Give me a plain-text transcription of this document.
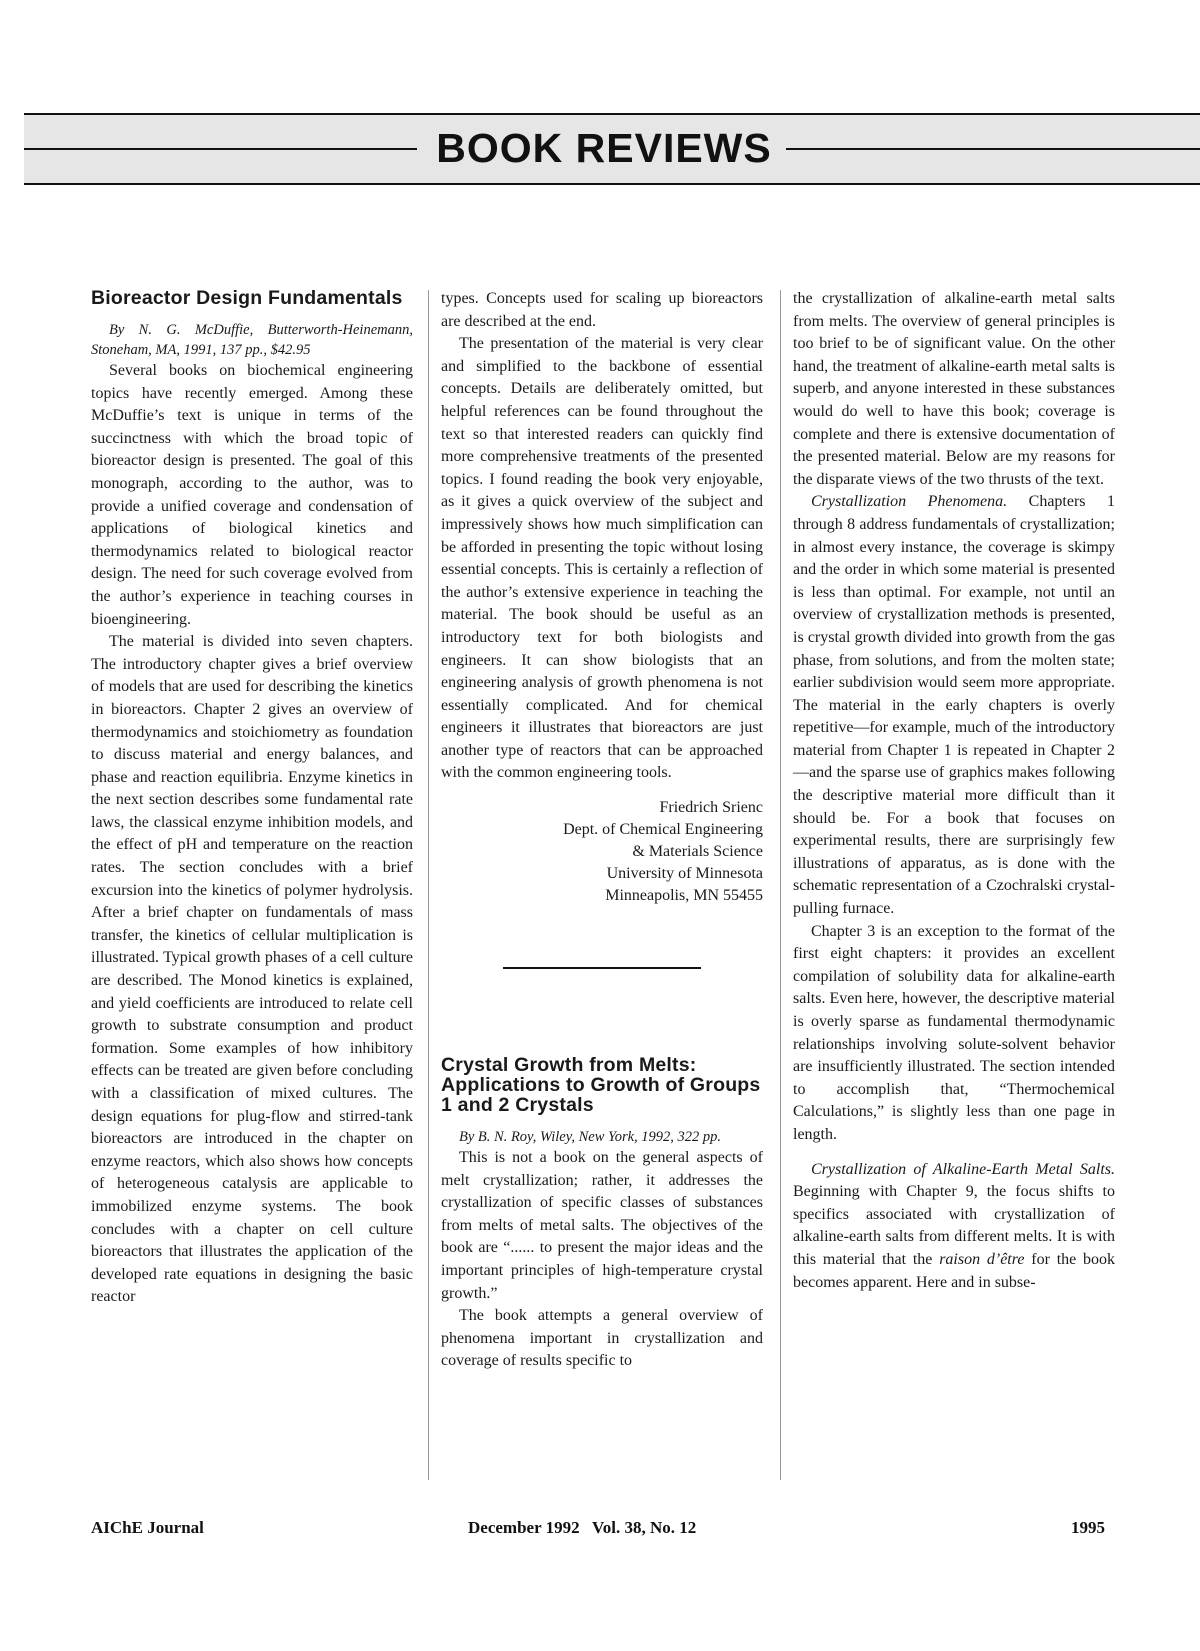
BOOK REVIEWS
Bioreactor Design Fundamentals

By N. G. McDuffie, Butterworth-Heinemann, Stoneham, MA, 1991, 137 pp., $42.95

Several books on biochemical engineering topics have recently emerged. Among these McDuffie’s text is unique in terms of the succinctness with which the broad topic of bioreactor design is presented. The goal of this monograph, according to the author, was to provide a unified coverage and condensation of applications of biological kinetics and thermodynamics related to biological reactor design. The need for such coverage evolved from the author’s experience in teaching courses in bioengineering.

The material is divided into seven chapters. The introductory chapter gives a brief overview of models that are used for describing the kinetics in bioreactors. Chapter 2 gives an overview of thermodynamics and stoichiometry as foundation to discuss material and energy balances, and phase and reaction equilibria. Enzyme kinetics in the next section describes some fundamental rate laws, the classical enzyme inhibition models, and the effect of pH and temperature on the reaction rates. The section concludes with a brief excursion into the kinetics of polymer hydrolysis. After a brief chapter on fundamentals of mass transfer, the kinetics of cellular multiplication is illustrated. Typical growth phases of a cell culture are described. The Monod kinetics is explained, and yield coefficients are introduced to relate cell growth to substrate consumption and product formation. Some examples of how inhibitory effects can be treated are given before concluding with a classification of mixed cultures. The design equations for plug-flow and stirred-tank bioreactors are introduced in the chapter on enzyme reactors, which also shows how concepts of heterogeneous catalysis are applicable to immobilized enzyme systems. The book concludes with a chapter on cell culture bioreactors that illustrates the application of the developed rate equations in designing the basic reactor

types. Concepts used for scaling up bioreactors are described at the end.

The presentation of the material is very clear and simplified to the backbone of essential concepts. Details are deliberately omitted, but helpful references can be found throughout the text so that interested readers can quickly find more comprehensive treatments of the presented topics. I found reading the book very enjoyable, as it gives a quick overview of the subject and impressively shows how much simplification can be afforded in presenting the topic without losing essential concepts. This is certainly a reflection of the author’s extensive experience in teaching the material. The book should be useful as an introductory text for both biologists and engineers. It can show biologists that an engineering analysis of growth phenomena is not essentially complicated. And for chemical engineers it illustrates that bioreactors are just another type of reactors that can be approached with the common engineering tools.

Friedrich Srienc
Dept. of Chemical Engineering
& Materials Science
University of Minnesota
Minneapolis, MN 55455
Crystal Growth from Melts: Applications to Growth of Groups 1 and 2 Crystals

By B. N. Roy, Wiley, New York, 1992, 322 pp.

This is not a book on the general aspects of melt crystallization; rather, it addresses the crystallization of specific classes of substances from melts of metal salts. The objectives of the book are “...... to present the major ideas and the important principles of high-temperature crystal growth.”

The book attempts a general overview of phenomena important in crystallization and coverage of results specific to

the crystallization of alkaline-earth metal salts from melts. The overview of general principles is too brief to be of significant value. On the other hand, the treatment of alkaline-earth metal salts is superb, and anyone interested in these substances would do well to have this book; coverage is complete and there is extensive documentation of the presented material. Below are my reasons for the disparate views of the two thrusts of the text.

Crystallization Phenomena. Chapters 1 through 8 address fundamentals of crystallization; in almost every instance, the coverage is skimpy and the order in which some material is presented is less than optimal. For example, not until an overview of crystallization methods is presented, is crystal growth divided into growth from the gas phase, from solutions, and from the molten state; earlier subdivision would seem more appropriate. The material in the early chapters is overly repetitive—for example, much of the introductory material from Chapter 1 is repeated in Chapter 2—and the sparse use of graphics makes following the descriptive material more difficult than it should be. For a book that focuses on experimental results, there are surprisingly few illustrations of apparatus, as is done with the schematic representation of a Czochralski crystal-pulling furnace.

Chapter 3 is an exception to the format of the first eight chapters: it provides an excellent compilation of solubility data for alkaline-earth salts. Even here, however, the descriptive material is overly sparse as fundamental thermodynamic relationships involving solute-solvent behavior are insufficiently illustrated. The section intended to accomplish that, “Thermochemical Calculations,” is slightly less than one page in length.

Crystallization of Alkaline-Earth Metal Salts. Beginning with Chapter 9, the focus shifts to specifics associated with crystallization of alkaline-earth salts from different melts. It is with this material that the raison d’être for the book becomes apparent. Here and in subse-

AIChE Journal	December 1992   Vol. 38, No. 12	1995
